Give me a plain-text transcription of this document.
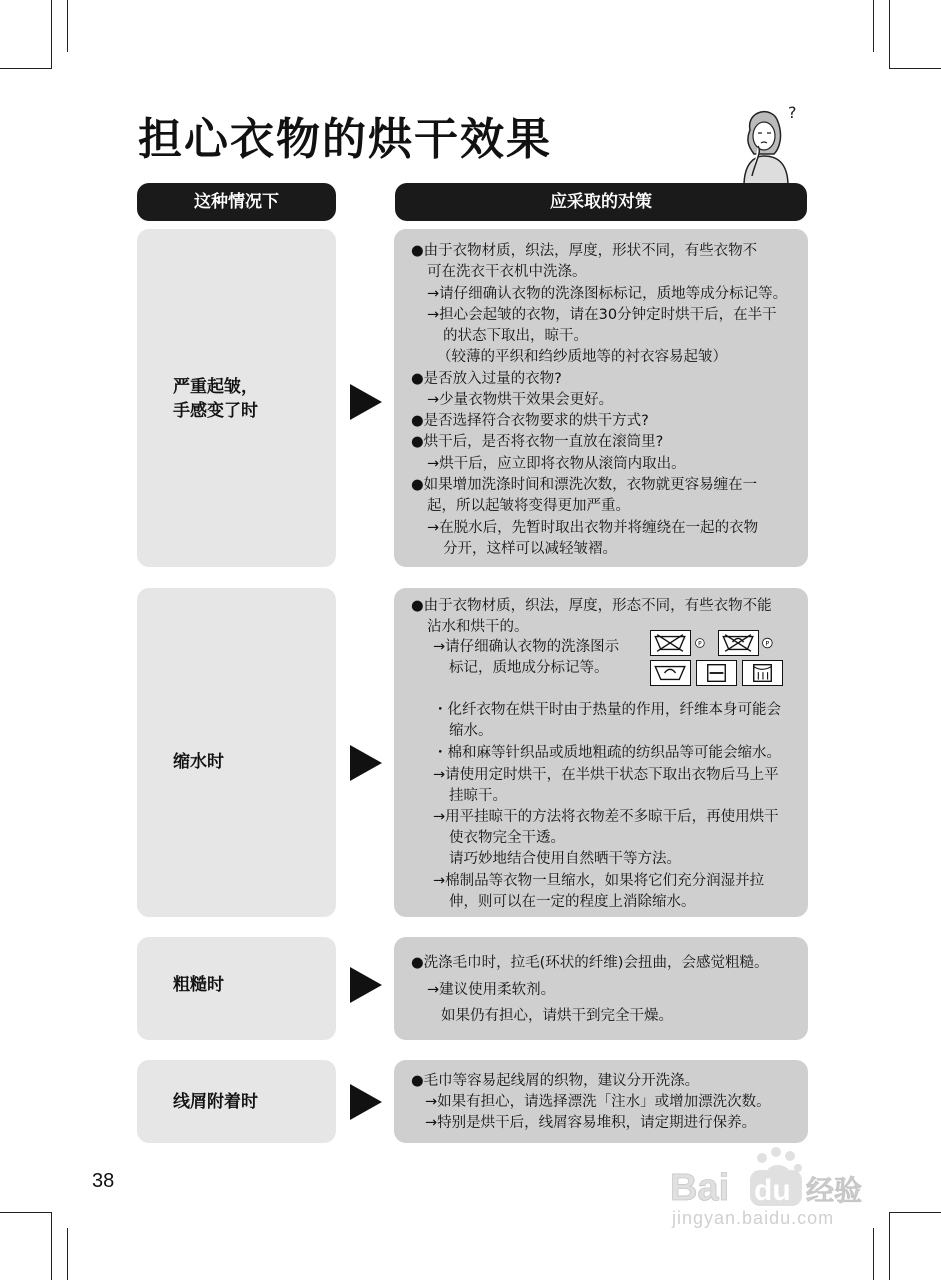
担心衣物的烘干效果
?
这种情况下	应采取的对策
严重起皱，
手感变了时
●由于衣物材质，织法，厚度，形状不同，有些衣物不
可在洗衣干衣机中洗涤。
→请仔细确认衣物的洗涤图标标记，质地等成分标记等。
→担心会起皱的衣物，请在30分钟定时烘干后，在半干
的状态下取出，晾干。
（较薄的平织和绉纱质地等的衬衣容易起皱）
●是否放入过量的衣物?
→少量衣物烘干效果会更好。
●是否选择符合衣物要求的烘干方式?
●烘干后，是否将衣物一直放在滚筒里?
→烘干后，应立即将衣物从滚筒内取出。
●如果增加洗涤时间和漂洗次数，衣物就更容易缠在一
起，所以起皱将变得更加严重。
→在脱水后，先暂时取出衣物并将缠绕在一起的衣物
分开，这样可以减轻皱褶。
缩水时
●由于衣物材质，织法，厚度，形态不同，有些衣物不能
沾水和烘干的。
→请仔细确认衣物的洗涤图示
标记，质地成分标记等。
・化纤衣物在烘干时由于热量的作用，纤维本身可能会
缩水。
・棉和麻等针织品或质地粗疏的纺织品等可能会缩水。
→请使用定时烘干，在半烘干状态下取出衣物后马上平
挂晾干。
→用平挂晾干的方法将衣物差不多晾干后，再使用烘干
使衣物完全干透。
请巧妙地结合使用自然晒干等方法。
→棉制品等衣物一旦缩水，如果将它们充分润湿并拉
伸，则可以在一定的程度上消除缩水。
P	P
粗糙时
●洗涤毛巾时，拉毛(环状的纤维)会扭曲，会感觉粗糙。
→建议使用柔软剂。
如果仍有担心，请烘干到完全干燥。
线屑附着时
●毛巾等容易起线屑的织物，建议分开洗涤。
→如果有担心，请选择漂洗「注水」或增加漂洗次数。
→特别是烘干后，线屑容易堆积，请定期进行保养。
38	Bai du 经验
jingyan.baidu.com
